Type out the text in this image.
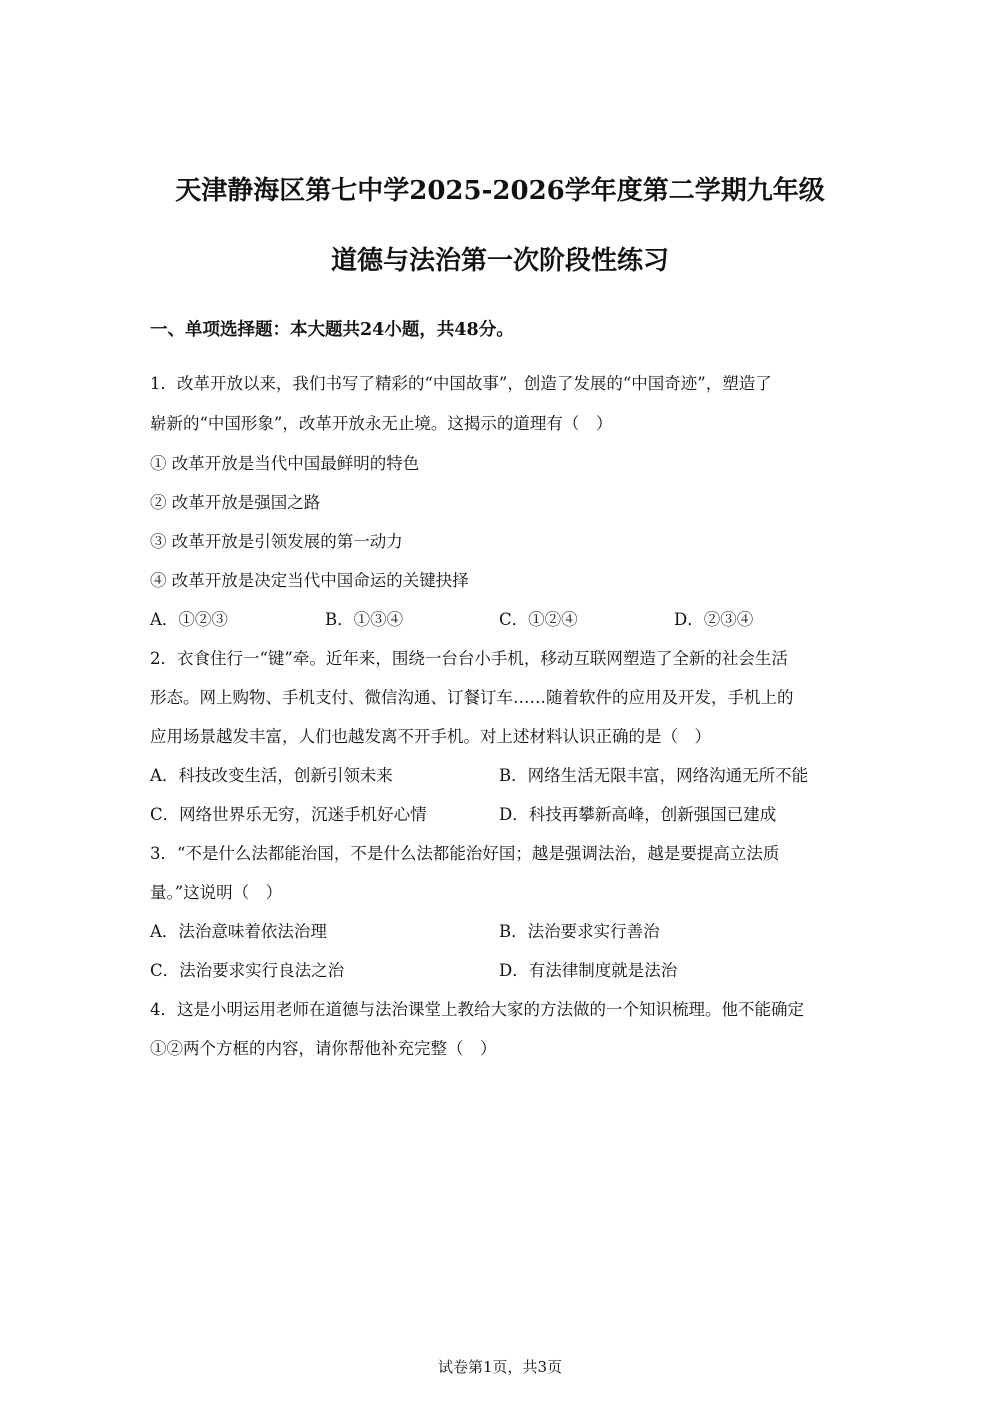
天津静海区第七中学2025-2026学年度第二学期九年级
道德与法治第一次阶段性练习
一、单项选择题：本大题共24小题，共48分。
1．改革开放以来，我们书写了精彩的“中国故事”，创造了发展的“中国奇迹”，塑造了
崭新的“中国形象”，改革开放永无止境。这揭示的道理有（　）
① 改革开放是当代中国最鲜明的特色
② 改革开放是强国之路
③ 改革开放是引领发展的第一动力
④ 改革开放是决定当代中国命运的关键抉择
A．①②③	B．①③④	C．①②④	D．②③④
2．衣食住行一“键”牵。近年来，围绕一台台小手机，移动互联网塑造了全新的社会生活
形态。网上购物、手机支付、微信沟通、订餐订车……随着软件的应用及开发，手机上的
应用场景越发丰富，人们也越发离不开手机。对上述材料认识正确的是（　）
A．科技改变生活，创新引领未来	B．网络生活无限丰富，网络沟通无所不能
C．网络世界乐无穷，沉迷手机好心情	D．科技再攀新高峰，创新强国已建成
3．“不是什么法都能治国，不是什么法都能治好国；越是强调法治，越是要提高立法质
量。”这说明（　）
A．法治意味着依法治理	B．法治要求实行善治
C．法治要求实行良法之治	D．有法律制度就是法治
4．这是小明运用老师在道德与法治课堂上教给大家的方法做的一个知识梳理。他不能确定
①②两个方框的内容，请你帮他补充完整（　）
试卷第1页，共3页
